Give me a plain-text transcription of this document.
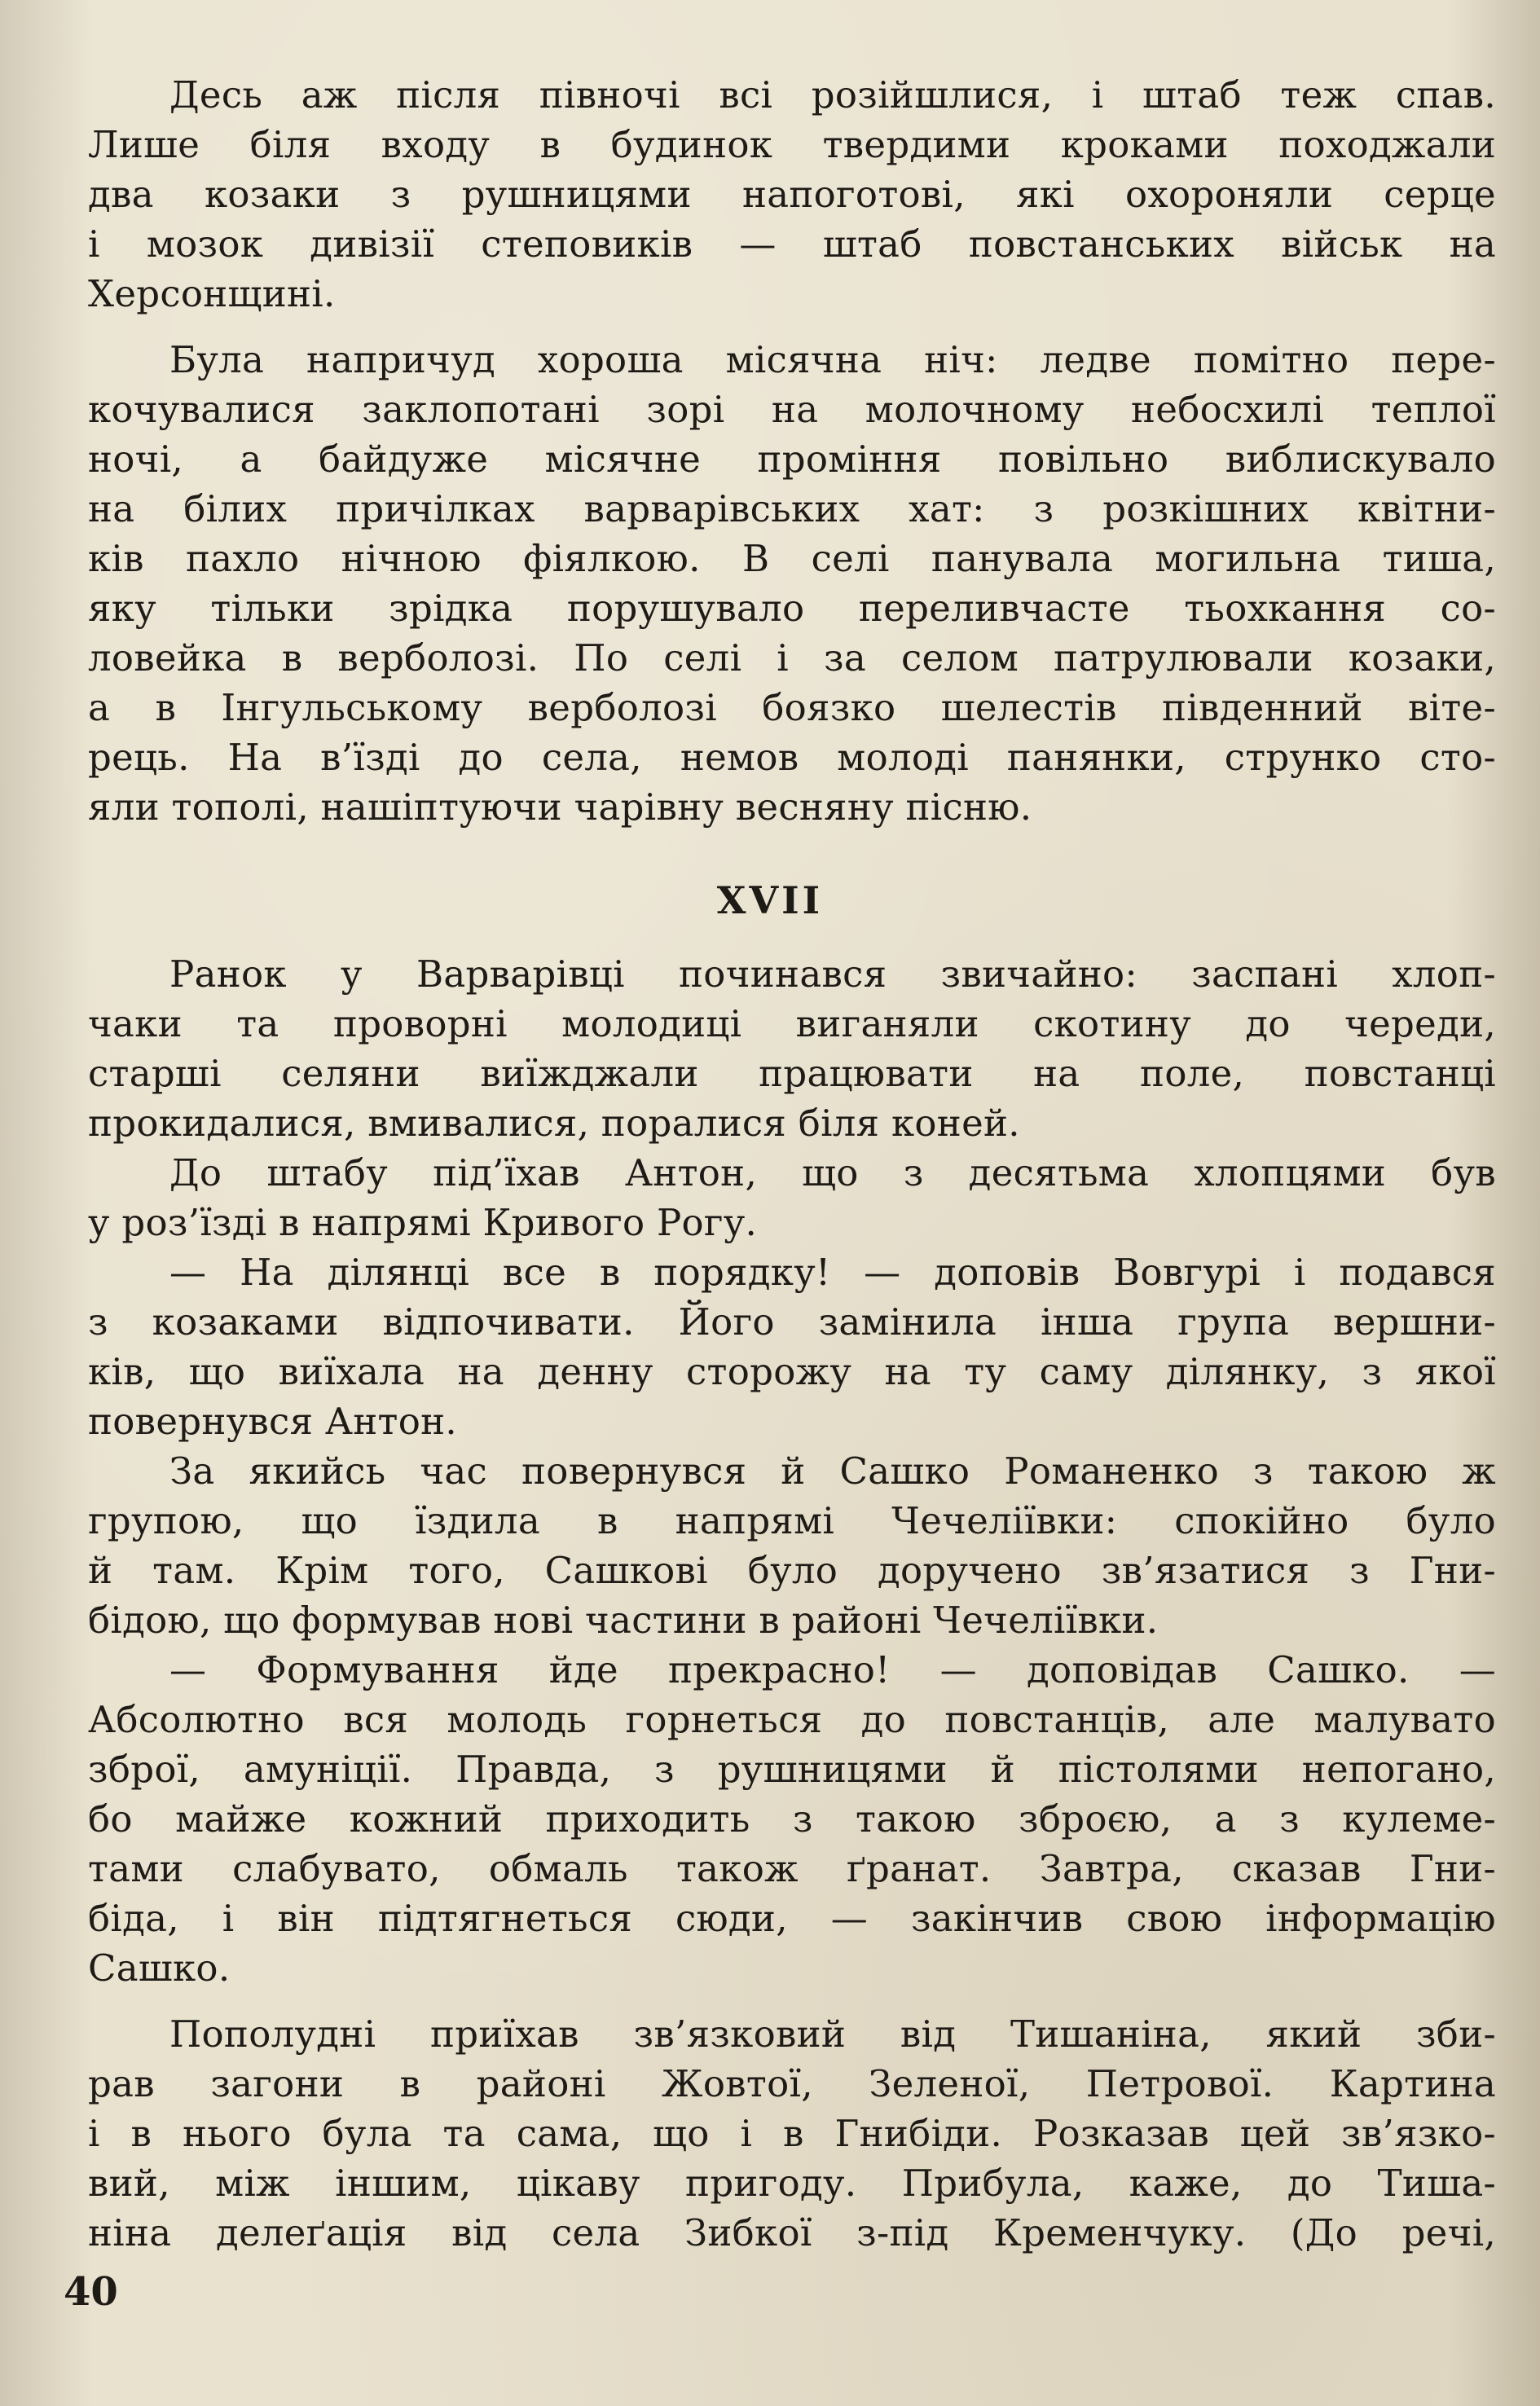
Десь аж після півночі всі розійшлися, і штаб теж спав.
Лише біля входу в будинок твердими кроками походжали
два козаки з рушницями напоготові, які охороняли серце
і мозок дивізії степовиків — штаб повстанських військ на
Херсонщині.

Була напричуд хороша місячна ніч: ледве помітно пере-
кочувалися заклопотані зорі на молочному небосхилі теплої
ночі, а байдуже місячне проміння повільно виблискувало
на білих причілках варварівських хат: з розкішних квітни-
ків пахло нічною фіялкою. В селі панувала могильна тиша,
яку тільки зрідка порушувало переливчасте тьохкання со-
ловейка в верболозі. По селі і за селом патрулювали козаки,
а в Інгульському верболозі боязко шелестів південний віте-
рець. На в’їзді до села, немов молоді панянки, струнко сто-
яли тополі, нашіптуючи чарівну весняну пісню.

XVII

Ранок у Варварівці починався звичайно: заспані хлоп-
чаки та проворні молодиці виганяли скотину до череди,
старші селяни виїжджали працювати на поле, повстанці
прокидалися, вмивалися, поралися біля коней.

До штабу під’їхав Антон, що з десятьма хлопцями був
у роз’їзді в напрямі Кривого Рогу.

— На ділянці все в порядку! — доповів Вовгурі і подався
з козаками відпочивати. Його замінила інша група вершни-
ків, що виїхала на денну сторожу на ту саму ділянку, з якої
повернувся Антон.

За якийсь час повернувся й Сашко Романенко з такою ж
групою, що їздила в напрямі Чечеліївки: спокійно було
й там. Крім того, Сашкові було доручено зв’язатися з Гни-
бідою, що формував нові частини в районі Чечеліївки.

— Формування йде прекрасно! — доповідав Сашко. —
Абсолютно вся молодь горнеться до повстанців, але малувато
зброї, амуніції. Правда, з рушницями й пістолями непогано,
бо майже кожний приходить з такою зброєю, а з кулеме-
тами слабувато, обмаль також ґранат. Завтра, сказав Гни-
біда, і він підтягнеться сюди, — закінчив свою інформацію
Сашко.

Пополудні приїхав зв’язковий від Тишаніна, який зби-
рав загони в районі Жовтої, Зеленої, Петрової. Картина
і в нього була та сама, що і в Гнибіди. Розказав цей зв’язко-
вий, між іншим, цікаву пригоду. Прибула, каже, до Тиша-
ніна делеґація від села Зибкої з-під Кременчуку. (До речі,

40
